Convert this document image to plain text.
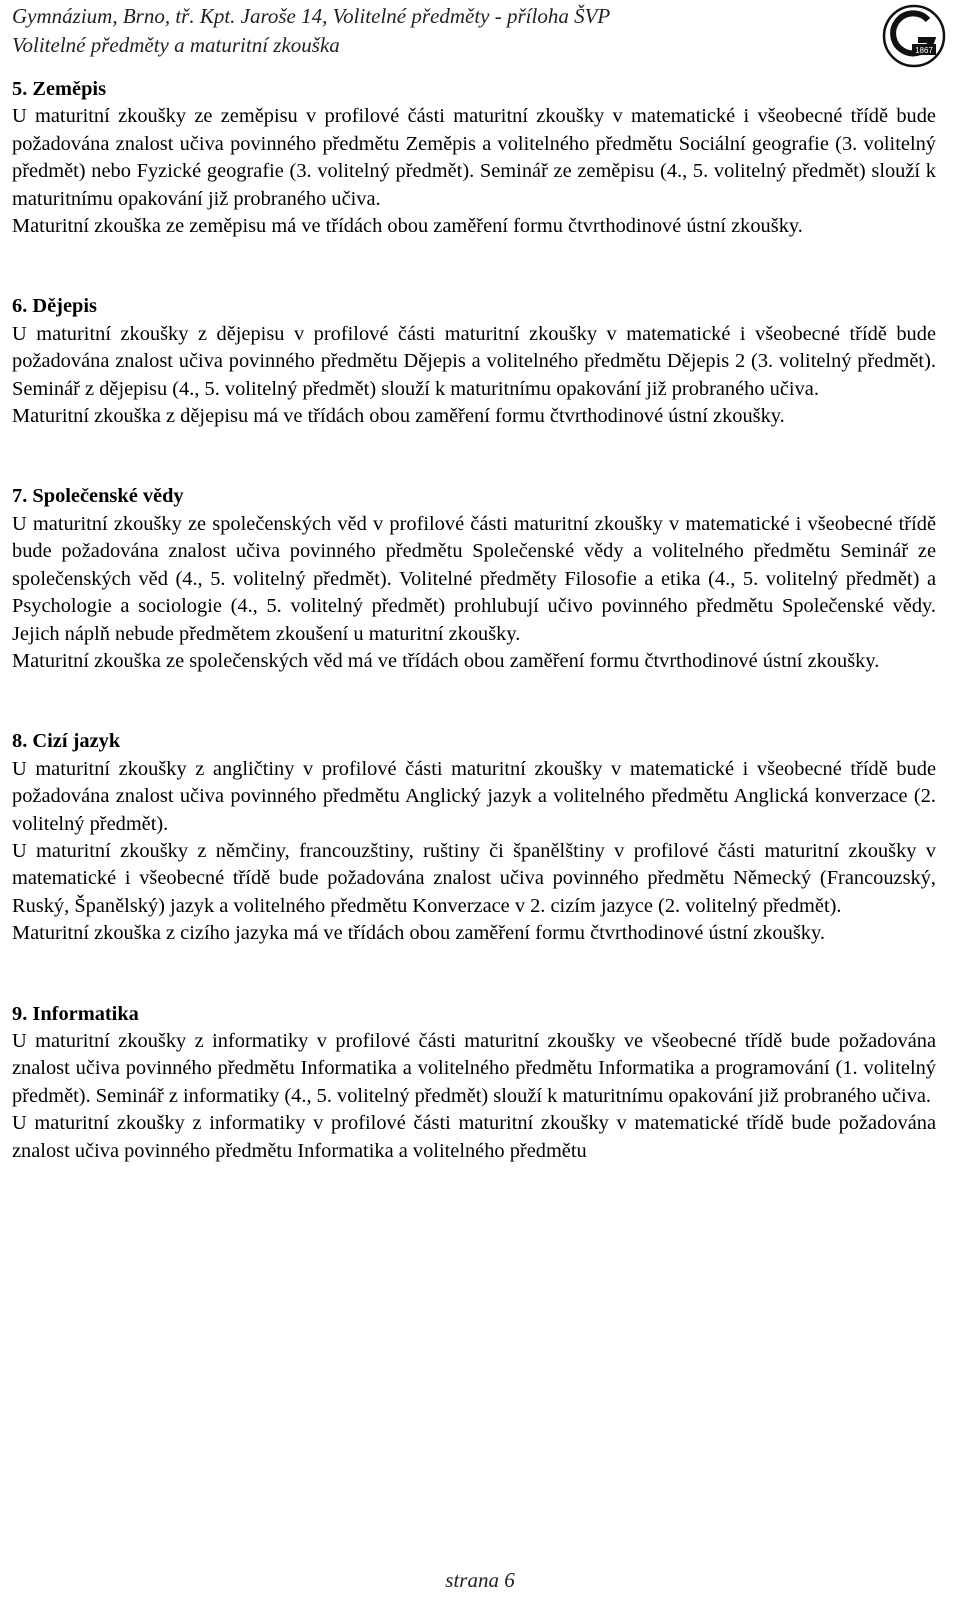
Gymnázium, Brno, tř. Kpt. Jaroše 14, Volitelné předměty - příloha ŠVP
Volitelné předměty a maturitní zkouška	1867
5. Zeměpis

U maturitní zkoušky ze zeměpisu v profilové části maturitní zkoušky v matematické i všeobecné třídě bude požadována znalost učiva povinného předmětu Zeměpis a volitelného předmětu Sociální geografie (3. volitelný předmět) nebo Fyzické geografie (3. volitelný předmět). Seminář ze zeměpisu (4., 5. volitelný předmět) slouží k maturitnímu opakování již probraného učiva.

Maturitní zkouška ze zeměpisu má ve třídách obou zaměření formu čtvrthodinové ústní zkoušky.

6. Dějepis

U maturitní zkoušky z dějepisu v profilové části maturitní zkoušky v matematické i všeobecné třídě bude požadována znalost učiva povinného předmětu Dějepis a volitelného předmětu Dějepis 2 (3. volitelný předmět). Seminář z dějepisu (4., 5. volitelný předmět) slouží k maturitnímu opakování již probraného učiva.

Maturitní zkouška z dějepisu má ve třídách obou zaměření formu čtvrthodinové ústní zkoušky.

7. Společenské vědy

U maturitní zkoušky ze společenských věd v profilové části maturitní zkoušky v matematické i všeobecné třídě bude požadována znalost učiva povinného předmětu Společenské vědy a volitelného předmětu Seminář ze společenských věd (4., 5. volitelný předmět). Volitelné předměty Filosofie a etika (4., 5. volitelný předmět) a Psychologie a sociologie (4., 5. volitelný předmět) prohlubují učivo povinného předmětu Společenské vědy. Jejich náplň nebude předmětem zkoušení u maturitní zkoušky.

Maturitní zkouška ze společenských věd má ve třídách obou zaměření formu čtvrthodinové ústní zkoušky.

8. Cizí jazyk

U maturitní zkoušky z angličtiny v profilové části maturitní zkoušky v matematické i všeobecné třídě bude požadována znalost učiva povinného předmětu Anglický jazyk a volitelného předmětu Anglická konverzace (2. volitelný předmět).

U maturitní zkoušky z němčiny, francouzštiny, ruštiny či španělštiny v profilové části maturitní zkoušky v matematické i všeobecné třídě bude požadována znalost učiva povinného předmětu Německý (Francouzský, Ruský, Španělský) jazyk a volitelného předmětu Konverzace v 2. cizím jazyce (2. volitelný předmět).

Maturitní zkouška z cizího jazyka má ve třídách obou zaměření formu čtvrthodinové ústní zkoušky.

9. Informatika

U maturitní zkoušky z informatiky v profilové části maturitní zkoušky ve všeobecné třídě bude požadována znalost učiva povinného předmětu Informatika a volitelného předmětu Informatika a programování (1. volitelný předmět). Seminář z informatiky (4., 5. volitelný předmět) slouží k maturitnímu opakování již probraného učiva.

U maturitní zkoušky z informatiky v profilové části maturitní zkoušky v matematické třídě bude požadována znalost učiva povinného předmětu Informatika a volitelného předmětu

strana 6
